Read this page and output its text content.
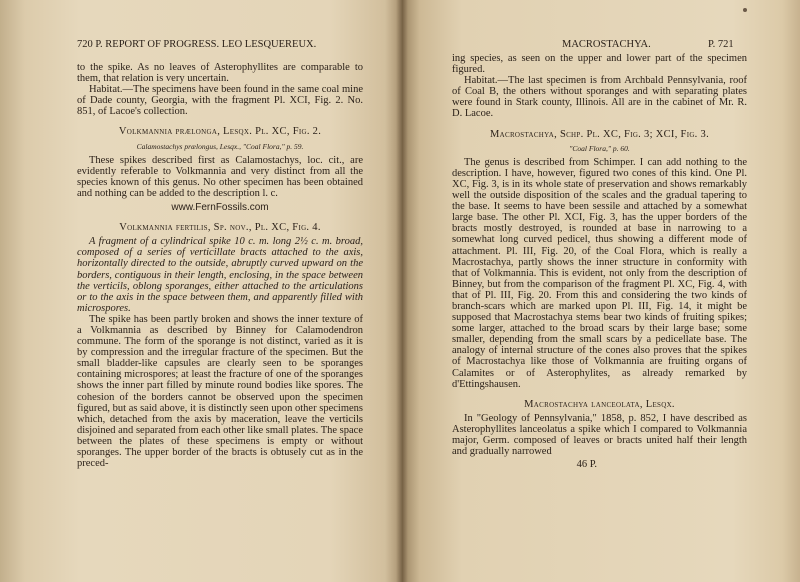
720 P. REPORT OF PROGRESS. LEO LESQUEREUX.

to the spike. As no leaves of Asterophyllites are comparable to them, that relation is very uncertain.

Habitat.—The specimens have been found in the same coal mine of Dade county, Georgia, with the fragment Pl. XCI, Fig. 2. No. 851, of Lacoe's collection.

Volkmannia prælonga, Lesqx. Pl. XC, Fig. 2.

Calamostachys prælongus, Lesqx., "Coal Flora," p. 59.

These spikes described first as Calamostachys, loc. cit., are evidently referable to Volkmannia and very distinct from all the species known of this genus. No other specimen has been obtained and nothing can be added to the description l. c.

www.FernFossils.com

Volkmannia fertilis, Sp. nov., Pl. XC, Fig. 4.

A fragment of a cylindrical spike 10 c. m. long 2½ c. m. broad, composed of a series of verticillate bracts attached to the axis, horizontally directed to the outside, abruptly curved upward on the borders, contiguous in their length, enclosing, in the space between the verticils, oblong sporanges, either attached to the articulations or to the axis in the space between them, and apparently filled with microspores.

The spike has been partly broken and shows the inner texture of a Volkmannia as described by Binney for Calamodendron commune. The form of the sporange is not distinct, varied as it is by compression and the irregular fracture of the specimen. But the small bladder-like capsules are clearly seen to be sporanges containing microspores; at least the fracture of one of the sporanges shows the inner part filled by minute round bodies like spores. The cohesion of the borders cannot be observed upon the specimen figured, but as said above, it is distinctly seen upon other specimens which, detached from the axis by maceration, leave the verticils disjoined and separated from each other like small plates. The space between the plates of these specimens is empty or without sporanges. The upper border of the bracts is obtusely cut as in the preced-

MACROSTACHYA.	P. 721

ing species, as seen on the upper and lower part of the specimen figured.

Habitat.—The last specimen is from Archbald Pennsylvania, roof of Coal B, the others without sporanges and with separating plates were found in Stark county, Illinois. All are in the cabinet of Mr. R. D. Lacoe.

Macrostachya, Schp. Pl. XC, Fig. 3; XCI, Fig. 3.

"Coal Flora," p. 60.

The genus is described from Schimper. I can add nothing to the description. I have, however, figured two cones of this kind. One Pl. XC, Fig. 3, is in its whole state of preservation and shows remarkably well the outside disposition of the scales and the gradual tapering to the base. It seems to have been sessile and attached by a somewhat large base. The other Pl. XCI, Fig. 3, has the upper borders of the bracts mostly destroyed, is rounded at base in narrowing to a somewhat long curved pedicel, thus showing a different mode of attachment. Pl. III, Fig. 20, of the Coal Flora, which is really a Macrostachya, partly shows the inner structure in conformity with that of Volkmannia. This is evident, not only from the description of Binney, but from the comparison of the fragment Pl. XC, Fig. 4, with that of Pl. III, Fig. 20. From this and considering the two kinds of branch-scars which are marked upon Pl. III, Fig. 14, it might be supposed that Macrostachya stems bear two kinds of fruiting spikes; some larger, attached to the broad scars by their large base; some smaller, depending from the small scars by a pedicellate base. The analogy of internal structure of the cones also proves that the spikes of Macrostachya like those of Volkmannia are fruiting organs of Calamites or of Asterophylites, as already remarked by d'Ettingshausen.

Macrostachya lanceolata, Lesqx.

In "Geology of Pennsylvania," 1858, p. 852, I have described as Asterophyllites lanceolatus a spike which I compared to Volkmannia major, Germ. composed of leaves or bracts united half their length and gradually narrowed

46 P.
